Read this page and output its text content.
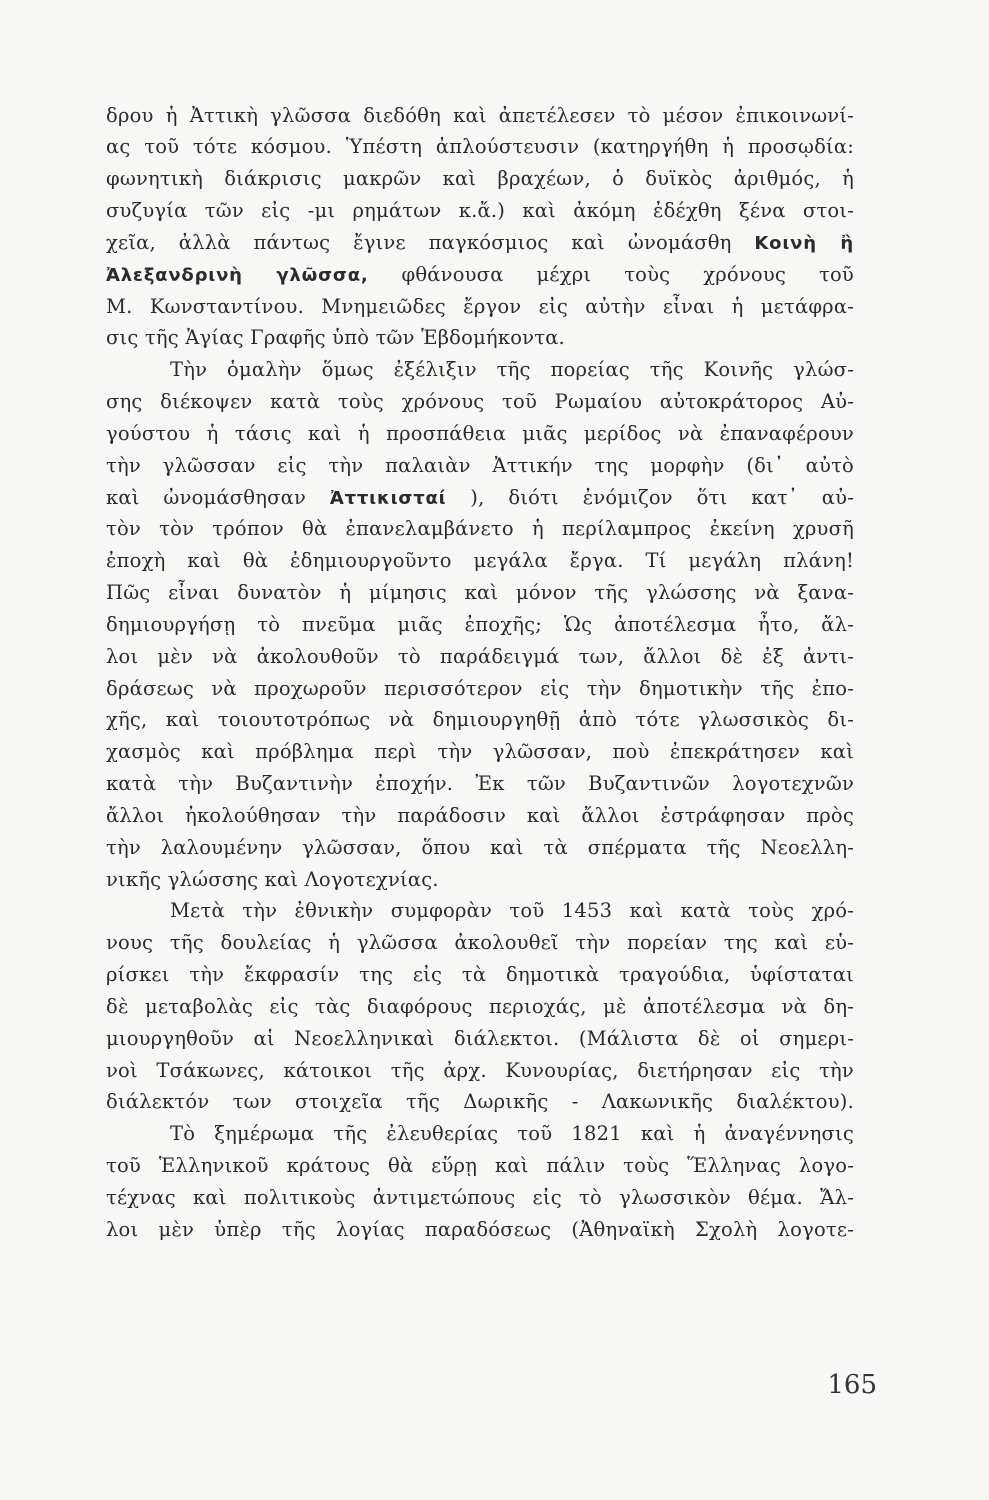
δρου ἡ Ἀττικὴ γλῶσσα διεδόθη καὶ ἀπετέλεσεν τὸ μέσον ἐπικοινωνί-
ας τοῦ τότε κόσμου. Ὑπέστη ἀπλούστευσιν (κατηργήθη ἡ προσῳδία:
φωνητικὴ διάκρισις μακρῶν καὶ βραχέων, ὁ δυϊκὸς ἀριθμός, ἡ
συζυγία τῶν εἰς -μι ρημάτων κ.ἄ.) καὶ ἀκόμη ἐδέχθη ξένα στοι-
χεῖα, ἀλλὰ πάντως ἔγινε παγκόσμιος καὶ ὠνομάσθη Κοινὴ ἢ
Ἀλεξανδρινὴ γλῶσσα, φθάνουσα μέχρι τοὺς χρόνους τοῦ
Μ. Κωνσταντίνου. Μνημειῶδες ἔργον εἰς αὐτὴν εἶναι ἡ μετάφρα-
σις τῆς Ἁγίας Γραφῆς ὑπὸ τῶν Ἑβδομήκοντα.
Τὴν ὁμαλὴν ὅμως ἐξέλιξιν τῆς πορείας τῆς Κοινῆς γλώσ-
σης διέκοψεν κατὰ τοὺς χρόνους τοῦ Ρωμαίου αὐτοκράτορος Αὐ-
γούστου ἡ τάσις καὶ ἡ προσπάθεια μιᾶς μερίδος νὰ ἐπαναφέρουν
τὴν γλῶσσαν εἰς τὴν παλαιὰν Ἀττικήν της μορφὴν (δι᾽ αὐτὸ
καὶ ὠνομάσθησαν Ἀττικισταί ), διότι ἐνόμιζον ὅτι κατ᾽ αὐ-
τὸν τὸν τρόπον θὰ ἐπανελαμβάνετο ἡ περίλαμπρος ἐκείνη χρυσῆ
ἐποχὴ καὶ θὰ ἐδημιουργοῦντο μεγάλα ἔργα. Τί μεγάλη πλάνη!
Πῶς εἶναι δυνατὸν ἡ μίμησις καὶ μόνον τῆς γλώσσης νὰ ξανα-
δημιουργήσῃ τὸ πνεῦμα μιᾶς ἐποχῆς; Ὡς ἀποτέλεσμα ἦτο, ἄλ-
λοι μὲν νὰ ἀκολουθοῦν τὸ παράδειγμά των, ἄλλοι δὲ ἐξ ἀντι-
δράσεως νὰ προχωροῦν περισσότερον εἰς τὴν δημοτικὴν τῆς ἐπο-
χῆς, καὶ τοιουτοτρόπως νὰ δημιουργηθῇ ἀπὸ τότε γλωσσικὸς δι-
χασμὸς καὶ πρόβλημα περὶ τὴν γλῶσσαν, ποὺ ἐπεκράτησεν καὶ
κατὰ τὴν Βυζαντινὴν ἐποχήν. Ἐκ τῶν Βυζαντινῶν λογοτεχνῶν
ἄλλοι ἠκολούθησαν τὴν παράδοσιν καὶ ἄλλοι ἐστράφησαν πρὸς
τὴν λαλουμένην γλῶσσαν, ὅπου καὶ τὰ σπέρματα τῆς Νεοελλη-
νικῆς γλώσσης καὶ Λογοτεχνίας.
Μετὰ τὴν ἐθνικὴν συμφορὰν τοῦ 1453 καὶ κατὰ τοὺς χρό-
νους τῆς δουλείας ἡ γλῶσσα ἀκολουθεῖ τὴν πορείαν της καὶ εὑ-
ρίσκει τὴν ἔκφρασίν της εἰς τὰ δημοτικὰ τραγούδια, ὑφίσταται
δὲ μεταβολὰς εἰς τὰς διαφόρους περιοχάς, μὲ ἀποτέλεσμα νὰ δη-
μιουργηθοῦν αἱ Νεοελληνικαὶ διάλεκτοι. (Μάλιστα δὲ οἱ σημερι-
νοὶ Τσάκωνες, κάτοικοι τῆς ἀρχ. Κυνουρίας, διετήρησαν εἰς τὴν
διάλεκτόν των στοιχεῖα τῆς Δωρικῆς - Λακωνικῆς διαλέκτου).
Τὸ ξημέρωμα τῆς ἐλευθερίας τοῦ 1821 καὶ ἡ ἀναγέννησις
τοῦ Ἑλληνικοῦ κράτους θὰ εὕρῃ καὶ πάλιν τοὺς Ἕλληνας λογο-
τέχνας καὶ πολιτικοὺς ἀντιμετώπους εἰς τὸ γλωσσικὸν θέμα. Ἄλ-
λοι μὲν ὑπὲρ τῆς λογίας παραδόσεως (Ἀθηναϊκὴ Σχολὴ λογοτε-
165
